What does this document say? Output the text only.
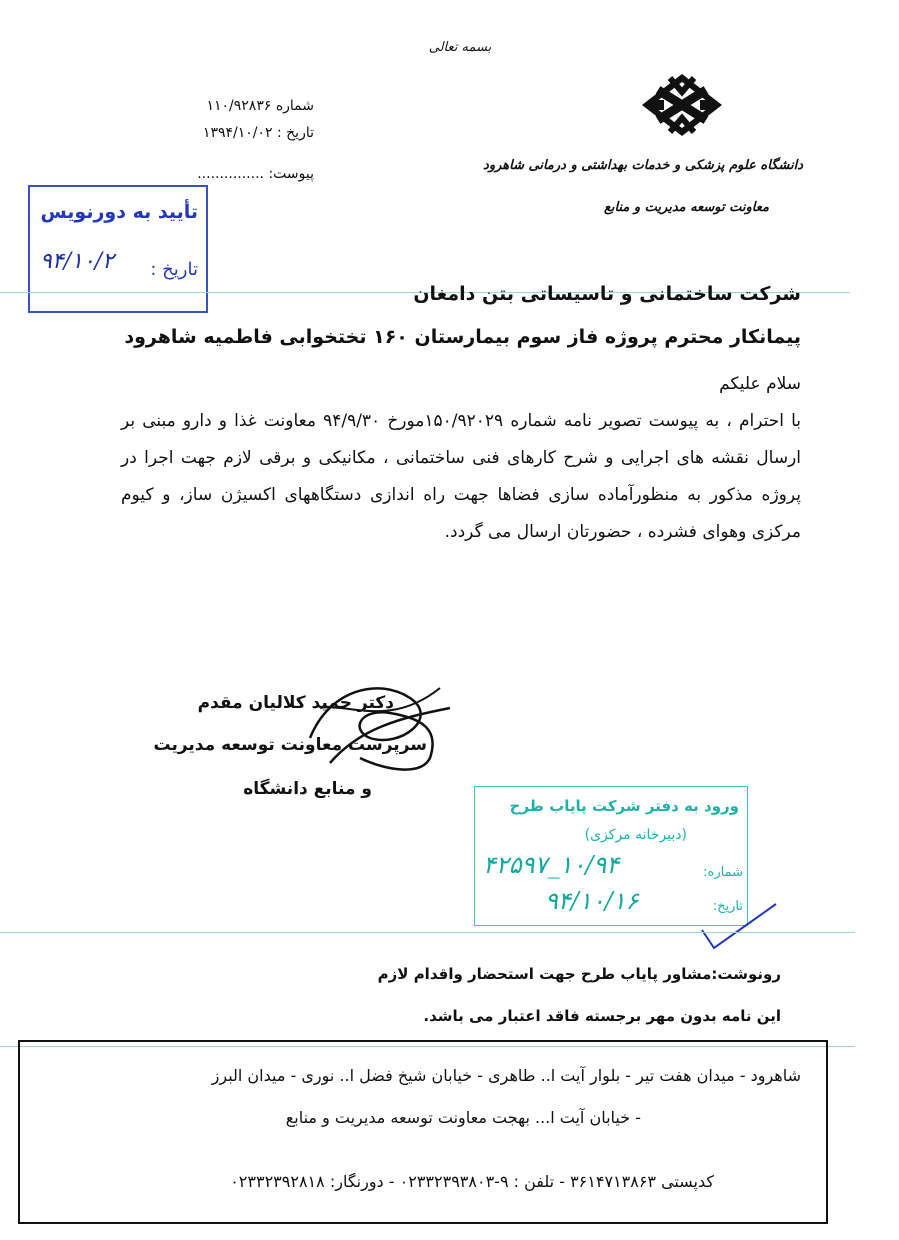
بسمه تعالی
دانشگاه علوم پزشکی و خدمات بهداشتی و درمانی شاهرود
معاونت توسعه مدیریت و منابع
شماره ۱۱۰/۹۲۸۳۶
تاریخ : ۱۳۹۴/۱۰/۰۲
پیوست: ...............
تأیید به دورنویس
تاریخ :
۹۴/۱۰/۲
شرکت ساختمانی و تاسیساتی بتن دامغان
پیمانکار محترم پروژه فاز سوم بیمارستان ۱۶۰ تختخوابی فاطمیه شاهرود
سلام علیکم
با احترام ، به پیوست تصویر نامه شماره ۱۵۰/۹۲۰۲۹مورخ ۹۴/۹/۳۰ معاونت غذا و دارو مبنی بر ارسال نقشه های اجرایی و شرح کارهای فنی ساختمانی ، مکانیکی و برقی لازم جهت اجرا در پروژه مذکور به منظورآماده سازی فضاها جهت راه اندازی دستگاههای اکسیژن ساز، و کیوم مرکزی وهوای فشرده ، حضورتان ارسال می گردد.
دکتر حمید کلالیان مقدم
سرپرست معاونت توسعه مدیریت
و منابع دانشگاه
ورود به دفتر شرکت پایاب طرح
(دبیرخانه مرکزی)
شماره:
۱۰/۹۴_۴۲۵۹۷
تاریخ:
۹۴/۱۰/۱۶
رونوشت:مشاور پایاب طرح جهت استحضار واقدام لازم
این نامه بدون مهر برجسته فاقد اعتبار می باشد.
شاهرود - میدان هفت تیر - بلوار آیت ا.. طاهری - خیابان شیخ فضل ا.. نوری - میدان البرز
- خیابان آیت ا... بهجت معاونت توسعه مدیریت و منابع
کدپستی ۳۶۱۴۷۱۳۸۶۳ - تلفن : ۹-۰۲۳۳۲۳۹۳۸۰۳ - دورنگار: ۰۲۳۳۲۳۹۲۸۱۸
